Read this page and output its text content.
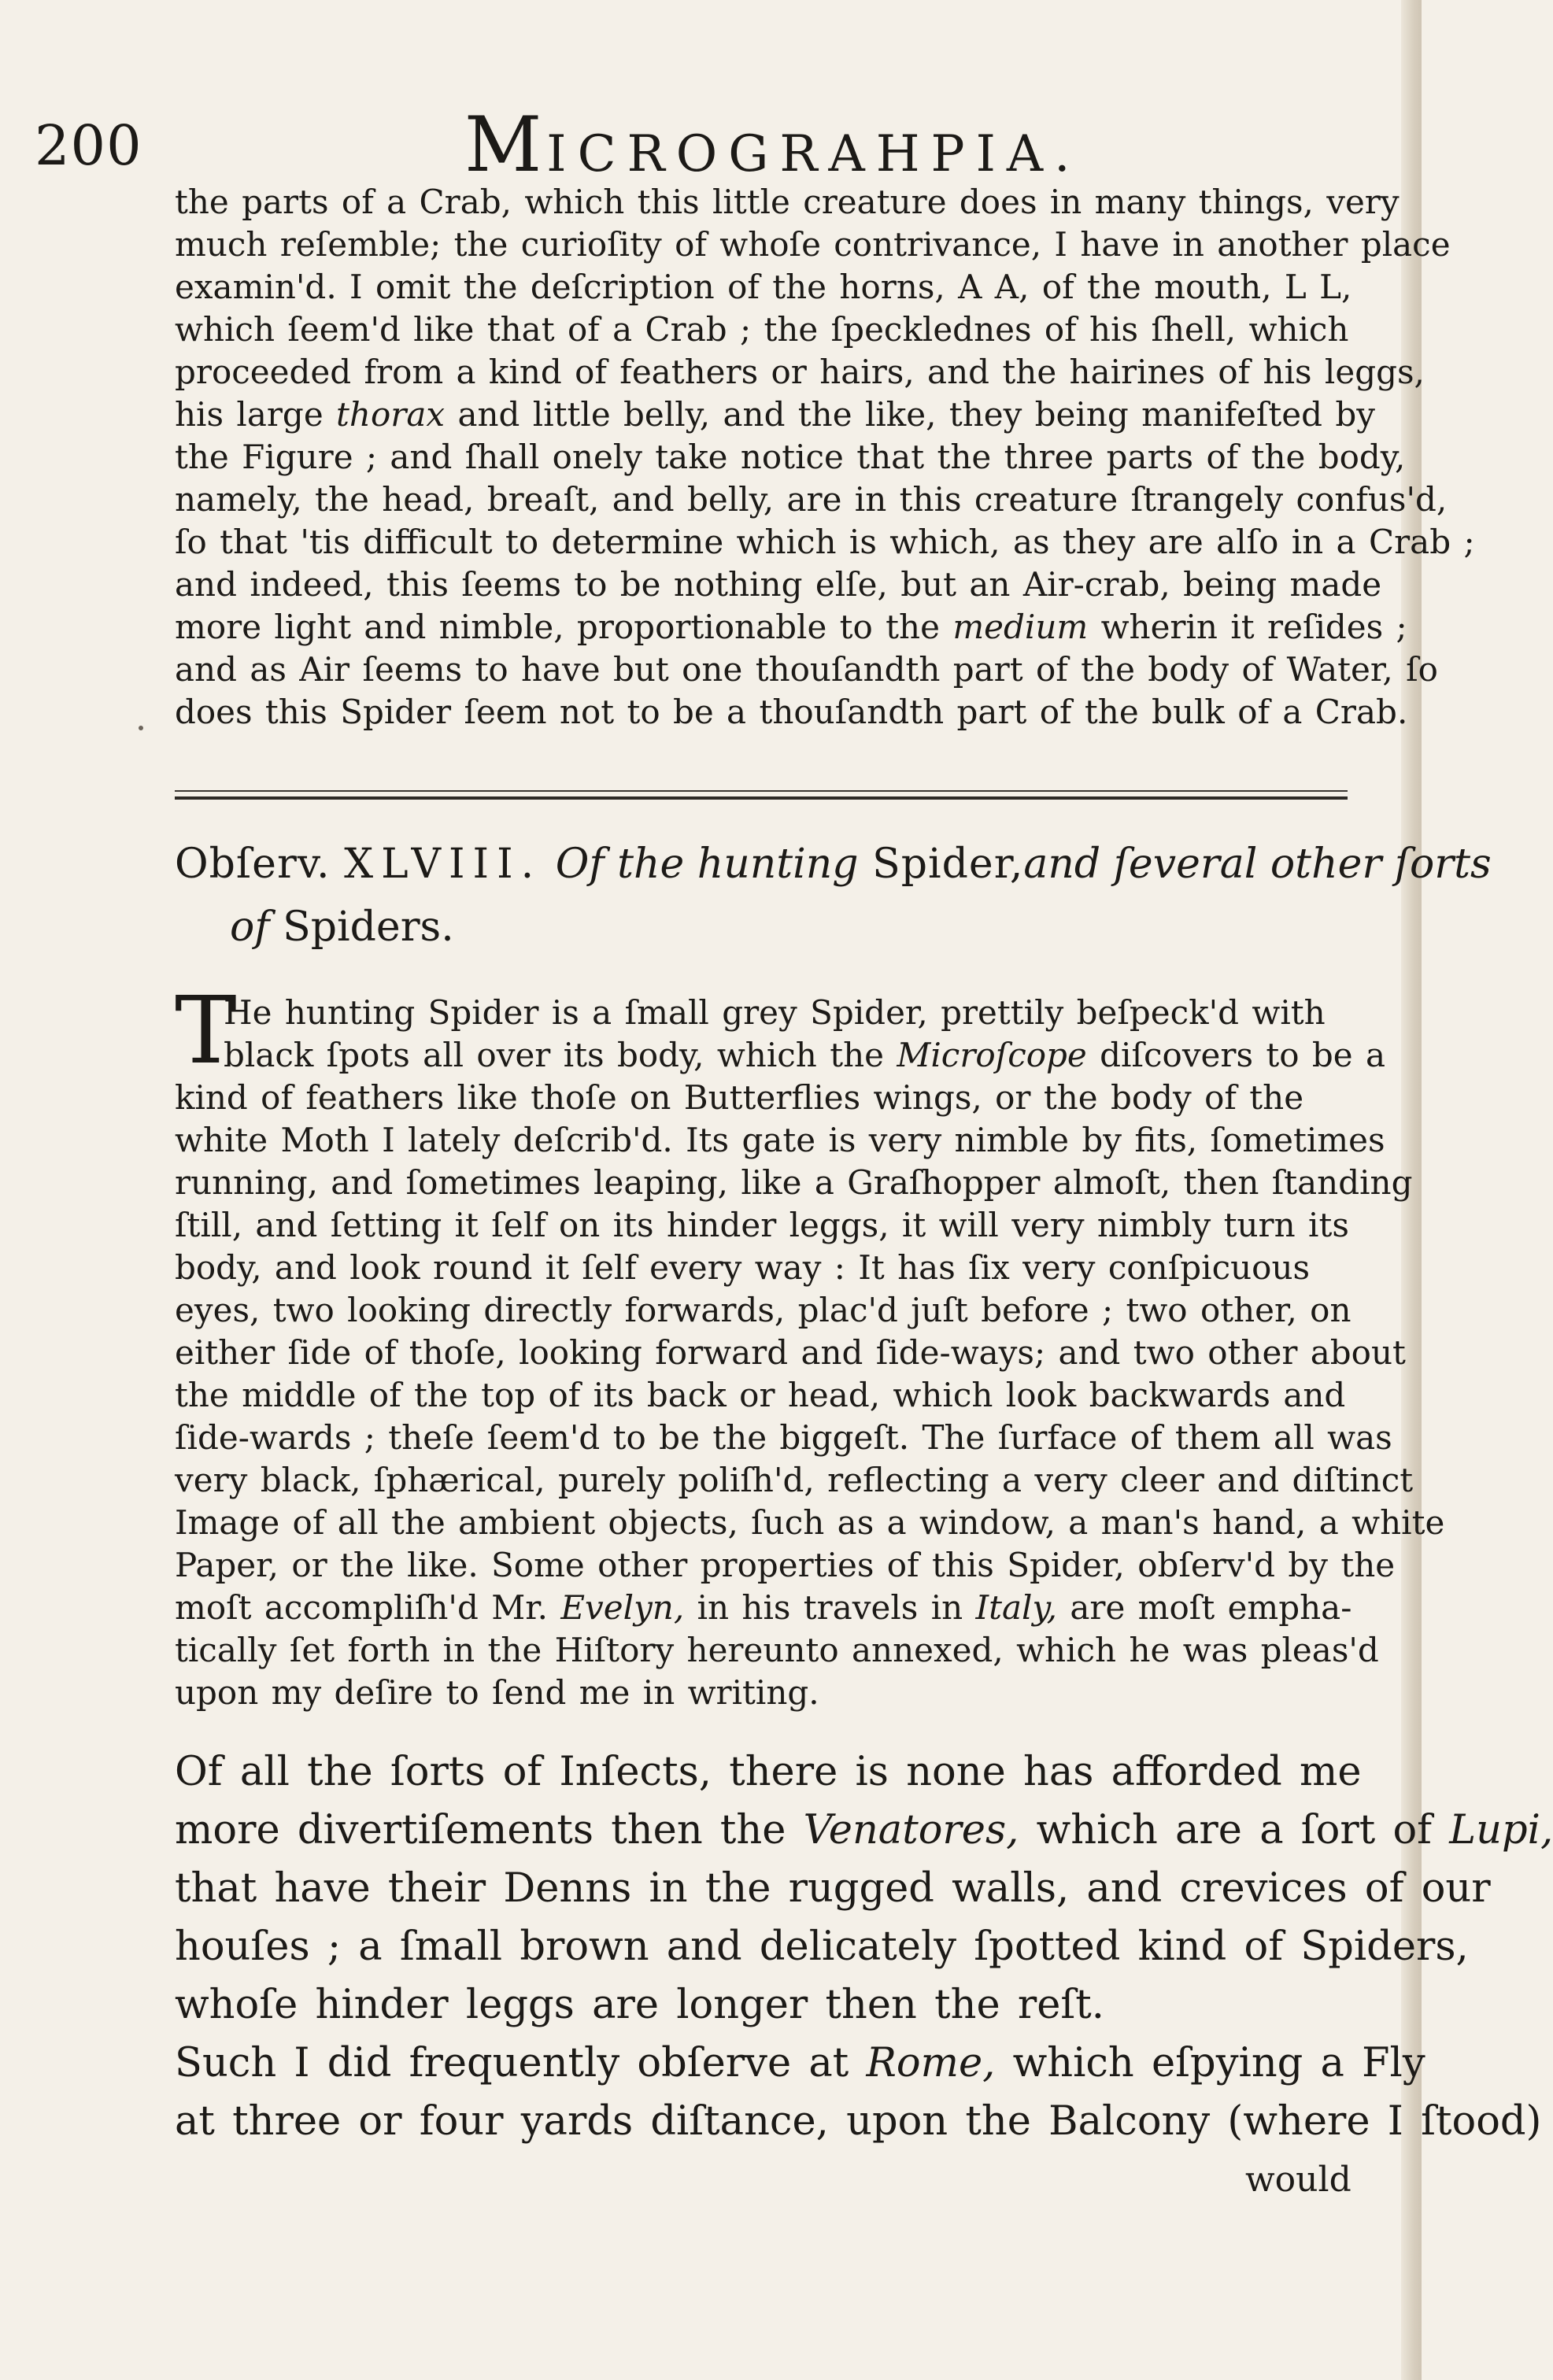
200	MICROGRAHPIA.
the parts of a Crab, which this little creature does in many things, very
much reſemble; the curioſity of whoſe contrivance, I have in another place
examin'd. I omit the deſcription of the horns, A A, of the mouth, L L,
which ſeem'd like that of a Crab ; the ſpecklednes of his ſhell, which
proceeded from a kind of feathers or hairs, and the hairines of his leggs,
his large thorax and little belly, and the like, they being manifeſted by
the Figure ; and ſhall onely take notice that the three parts of the body,
namely, the head, breaſt, and belly, are in this creature ſtrangely confus'd,
ſo that 'tis difficult to determine which is which, as they are alſo in a Crab ;
and indeed, this ſeems to be nothing elſe, but an Air-crab, being made
more light and nimble, proportionable to the medium wherin it reſides ;
and as Air ſeems to have but one thouſandth part of the body of Water, ſo
does this Spider ſeem not to be a thouſandth part of the bulk of a Crab.
Obſerv. XLVIII. Of the hunting Spider,and ſeveral other ſorts
of Spiders.
T
He hunting Spider is a ſmall grey Spider, prettily beſpeck'd with
black ſpots all over its body, which the Microſcope diſcovers to be a
kind of feathers like thoſe on Butterflies wings, or the body of the
white Moth I lately deſcrib'd. Its gate is very nimble by fits, ſometimes
running, and ſometimes leaping, like a Graſhopper almoſt, then ſtanding
ſtill, and ſetting it ſelf on its hinder leggs, it will very nimbly turn its
body, and look round it ſelf every way : It has ſix very conſpicuous
eyes, two looking directly forwards, plac'd juſt before ; two other, on
either ſide of thoſe, looking forward and ſide-ways; and two other about
the middle of the top of its back or head, which look backwards and
ſide-wards ; theſe ſeem'd to be the biggeſt. The ſurface of them all was
very black, ſphærical, purely poliſh'd, reflecting a very cleer and diſtinct
Image of all the ambient objects, ſuch as a window, a man's hand, a white
Paper, or the like. Some other properties of this Spider, obſerv'd by the
moſt accompliſh'd Mr. Evelyn, in his travels in Italy, are moſt empha-
tically ſet forth in the Hiſtory hereunto annexed, which he was pleas'd
upon my deſire to ſend me in writing.
Of all the ſorts of Inſects, there is none has afforded me
more divertiſements then the Venatores, which are a ſort of Lupi,
that have their Denns in the rugged walls, and crevices of our
houſes ; a ſmall brown and delicately ſpotted kind of Spiders,
whoſe hinder leggs are longer then the reſt.
Such I did frequently obſerve at Rome, which eſpying a Fly
at three or four yards diſtance, upon the Balcony (where I ſtood)
would
